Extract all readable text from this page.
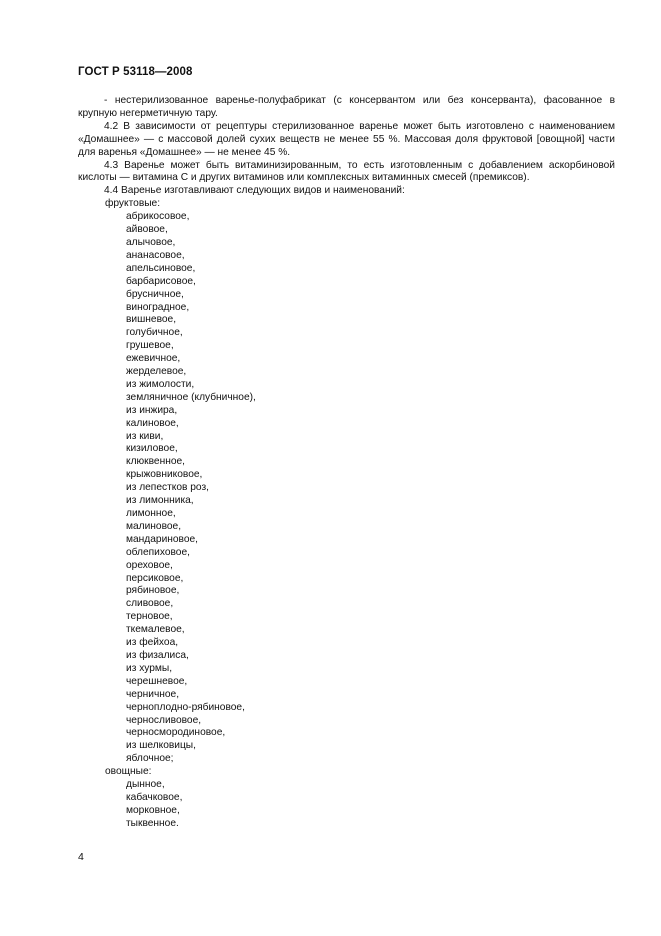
ГОСТ Р 53118—2008

- нестерилизованное варенье-полуфабрикат (с консервантом или без консерванта), фасованное в крупную негерметичную тару.

4.2 В зависимости от рецептуры стерилизованное варенье может быть изготовлено с наименованием «Домашнее» — с массовой долей сухих веществ не менее 55 %. Массовая доля фруктовой [овощной] части для варенья «Домашнее» — не менее 45 %.

4.3 Варенье может быть витаминизированным, то есть изготовленным с добавлением аскорбиновой кислоты — витамина С и других витаминов или комплексных витаминных смесей (премиксов).

4.4 Варенье изготавливают следующих видов и наименований:

фруктовые:

абрикосовое,
айвовое,
алычовое,
ананасовое,
апельсиновое,
барбарисовое,
брусничное,
виноградное,
вишневое,
голубичное,
грушевое,
ежевичное,
жерделевое,
из жимолости,
земляничное (клубничное),
из инжира,
калиновое,
из киви,
кизиловое,
клюквенное,
крыжовниковое,
из лепестков роз,
из лимонника,
лимонное,
малиновое,
мандариновое,
облепиховое,
ореховое,
персиковое,
рябиновое,
сливовое,
терновое,
ткемалевое,
из фейхоа,
из физалиса,
из хурмы,
черешневое,
черничное,
черноплодно-рябиновое,
черносливовое,
черносмородиновое,
из шелковицы,
яблочное;

овощные:

дынное,
кабачковое,
морковное,
тыквенное.

4
